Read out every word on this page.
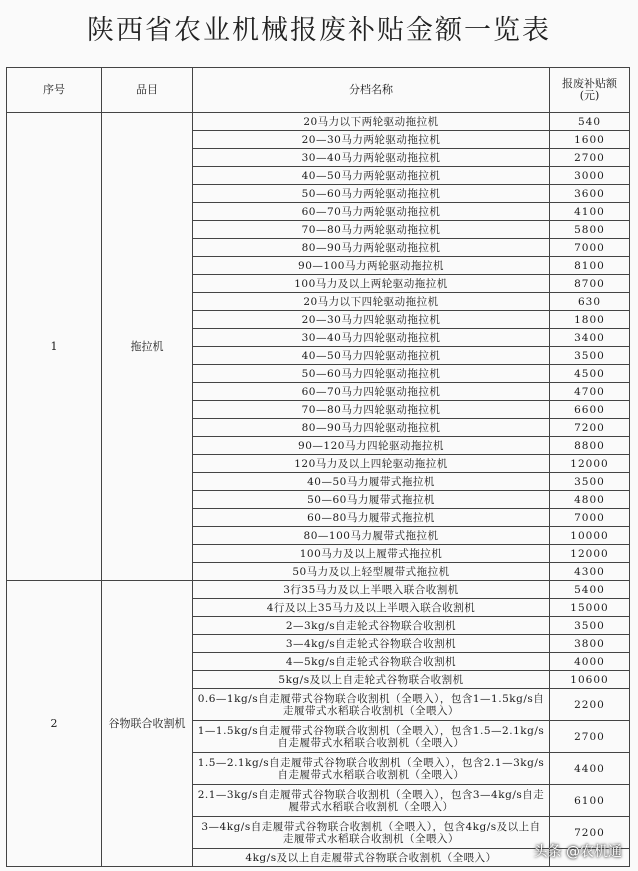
陕西省农业机械报废补贴金额一览表
序号	品目	分档名称	报废补贴额
(元)
1	拖拉机	20马力以下两轮驱动拖拉机	540
		20—30马力两轮驱动拖拉机	1600
		30—40马力两轮驱动拖拉机	2700
		40—50马力两轮驱动拖拉机	3000
		50—60马力两轮驱动拖拉机	3600
		60—70马力两轮驱动拖拉机	4100
		70—80马力两轮驱动拖拉机	5800
		80—90马力两轮驱动拖拉机	7000
		90—100马力两轮驱动拖拉机	8100
		100马力及以上两轮驱动拖拉机	8700
		20马力以下四轮驱动拖拉机	630
		20—30马力四轮驱动拖拉机	1800
		30—40马力四轮驱动拖拉机	3400
		40—50马力四轮驱动拖拉机	3500
		50—60马力四轮驱动拖拉机	4500
		60—70马力四轮驱动拖拉机	4700
		70—80马力四轮驱动拖拉机	6600
		80—90马力四轮驱动拖拉机	7200
		90—120马力四轮驱动拖拉机	8800
		120马力及以上四轮驱动拖拉机	12000
		40—50马力履带式拖拉机	3500
		50—60马力履带式拖拉机	4800
		60—80马力履带式拖拉机	7000
		80—100马力履带式拖拉机	10000
		100马力及以上履带式拖拉机	12000
		50马力及以上轻型履带式拖拉机	4300
2	谷物联合收割机	3行35马力及以上半喂入联合收割机	5400
		4行及以上35马力及以上半喂入联合收割机	15000
		2—3kg/s自走轮式谷物联合收割机	3500
		3—4kg/s自走轮式谷物联合收割机	3800
		4—5kg/s自走轮式谷物联合收割机	4000
		5kg/s及以上自走轮式谷物联合收割机	10600
		0.6—1kg/s自走履带式谷物联合收割机（全喂入），包含1—1.5kg/s自走履带式水稻联合收割机（全喂入）	2200
		1—1.5kg/s自走履带式谷物联合收割机（全喂入），包含1.5—2.1kg/s自走履带式水稻联合收割机（全喂入）	2700
		1.5—2.1kg/s自走履带式谷物联合收割机（全喂入），包含2.1—3kg/s自走履带式水稻联合收割机（全喂入）	4400
		2.1—3kg/s自走履带式谷物联合收割机（全喂入），包含3—4kg/s自走履带式水稻联合收割机（全喂入）	6100
		3—4kg/s自走履带式谷物联合收割机（全喂入），包含4kg/s及以上自走履带式水稻联合收割机（全喂入）	7200
		4kg/s及以上自走履带式谷物联合收割机（全喂入）		头条 @农机通
